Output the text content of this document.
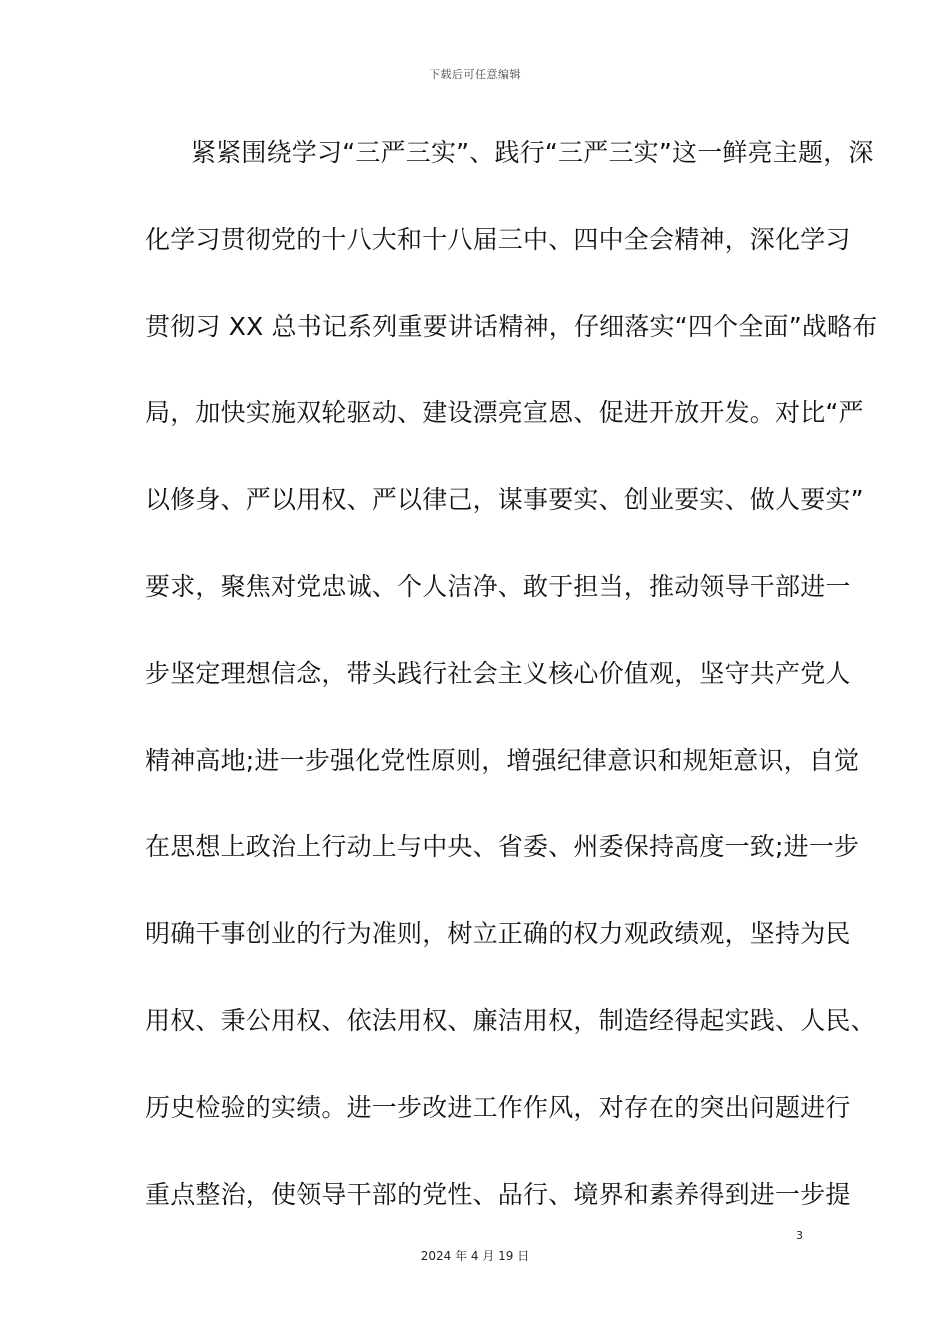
下载后可任意编辑
紧紧围绕学习“三严三实”、践行“三严三实”这一鲜亮主题，深
化学习贯彻党的十八大和十八届三中、四中全会精神，深化学习
贯彻习 XX 总书记系列重要讲话精神，仔细落实“四个全面”战略布
局，加快实施双轮驱动、建设漂亮宣恩、促进开放开发。对比“严
以修身、严以用权、严以律己，谋事要实、创业要实、做人要实”
要求，聚焦对党忠诚、个人洁净、敢于担当，推动领导干部进一
步坚定理想信念，带头践行社会主义核心价值观，坚守共产党人
精神高地;进一步强化党性原则，增强纪律意识和规矩意识，自觉
在思想上政治上行动上与中央、省委、州委保持高度一致;进一步
明确干事创业的行为准则，树立正确的权力观政绩观，坚持为民
用权、秉公用权、依法用权、廉洁用权，制造经得起实践、人民、
历史检验的实绩。进一步改进工作作风，对存在的突出问题进行
重点整治，使领导干部的党性、品行、境界和素养得到进一步提
3
2024 年 4 月 19 日
